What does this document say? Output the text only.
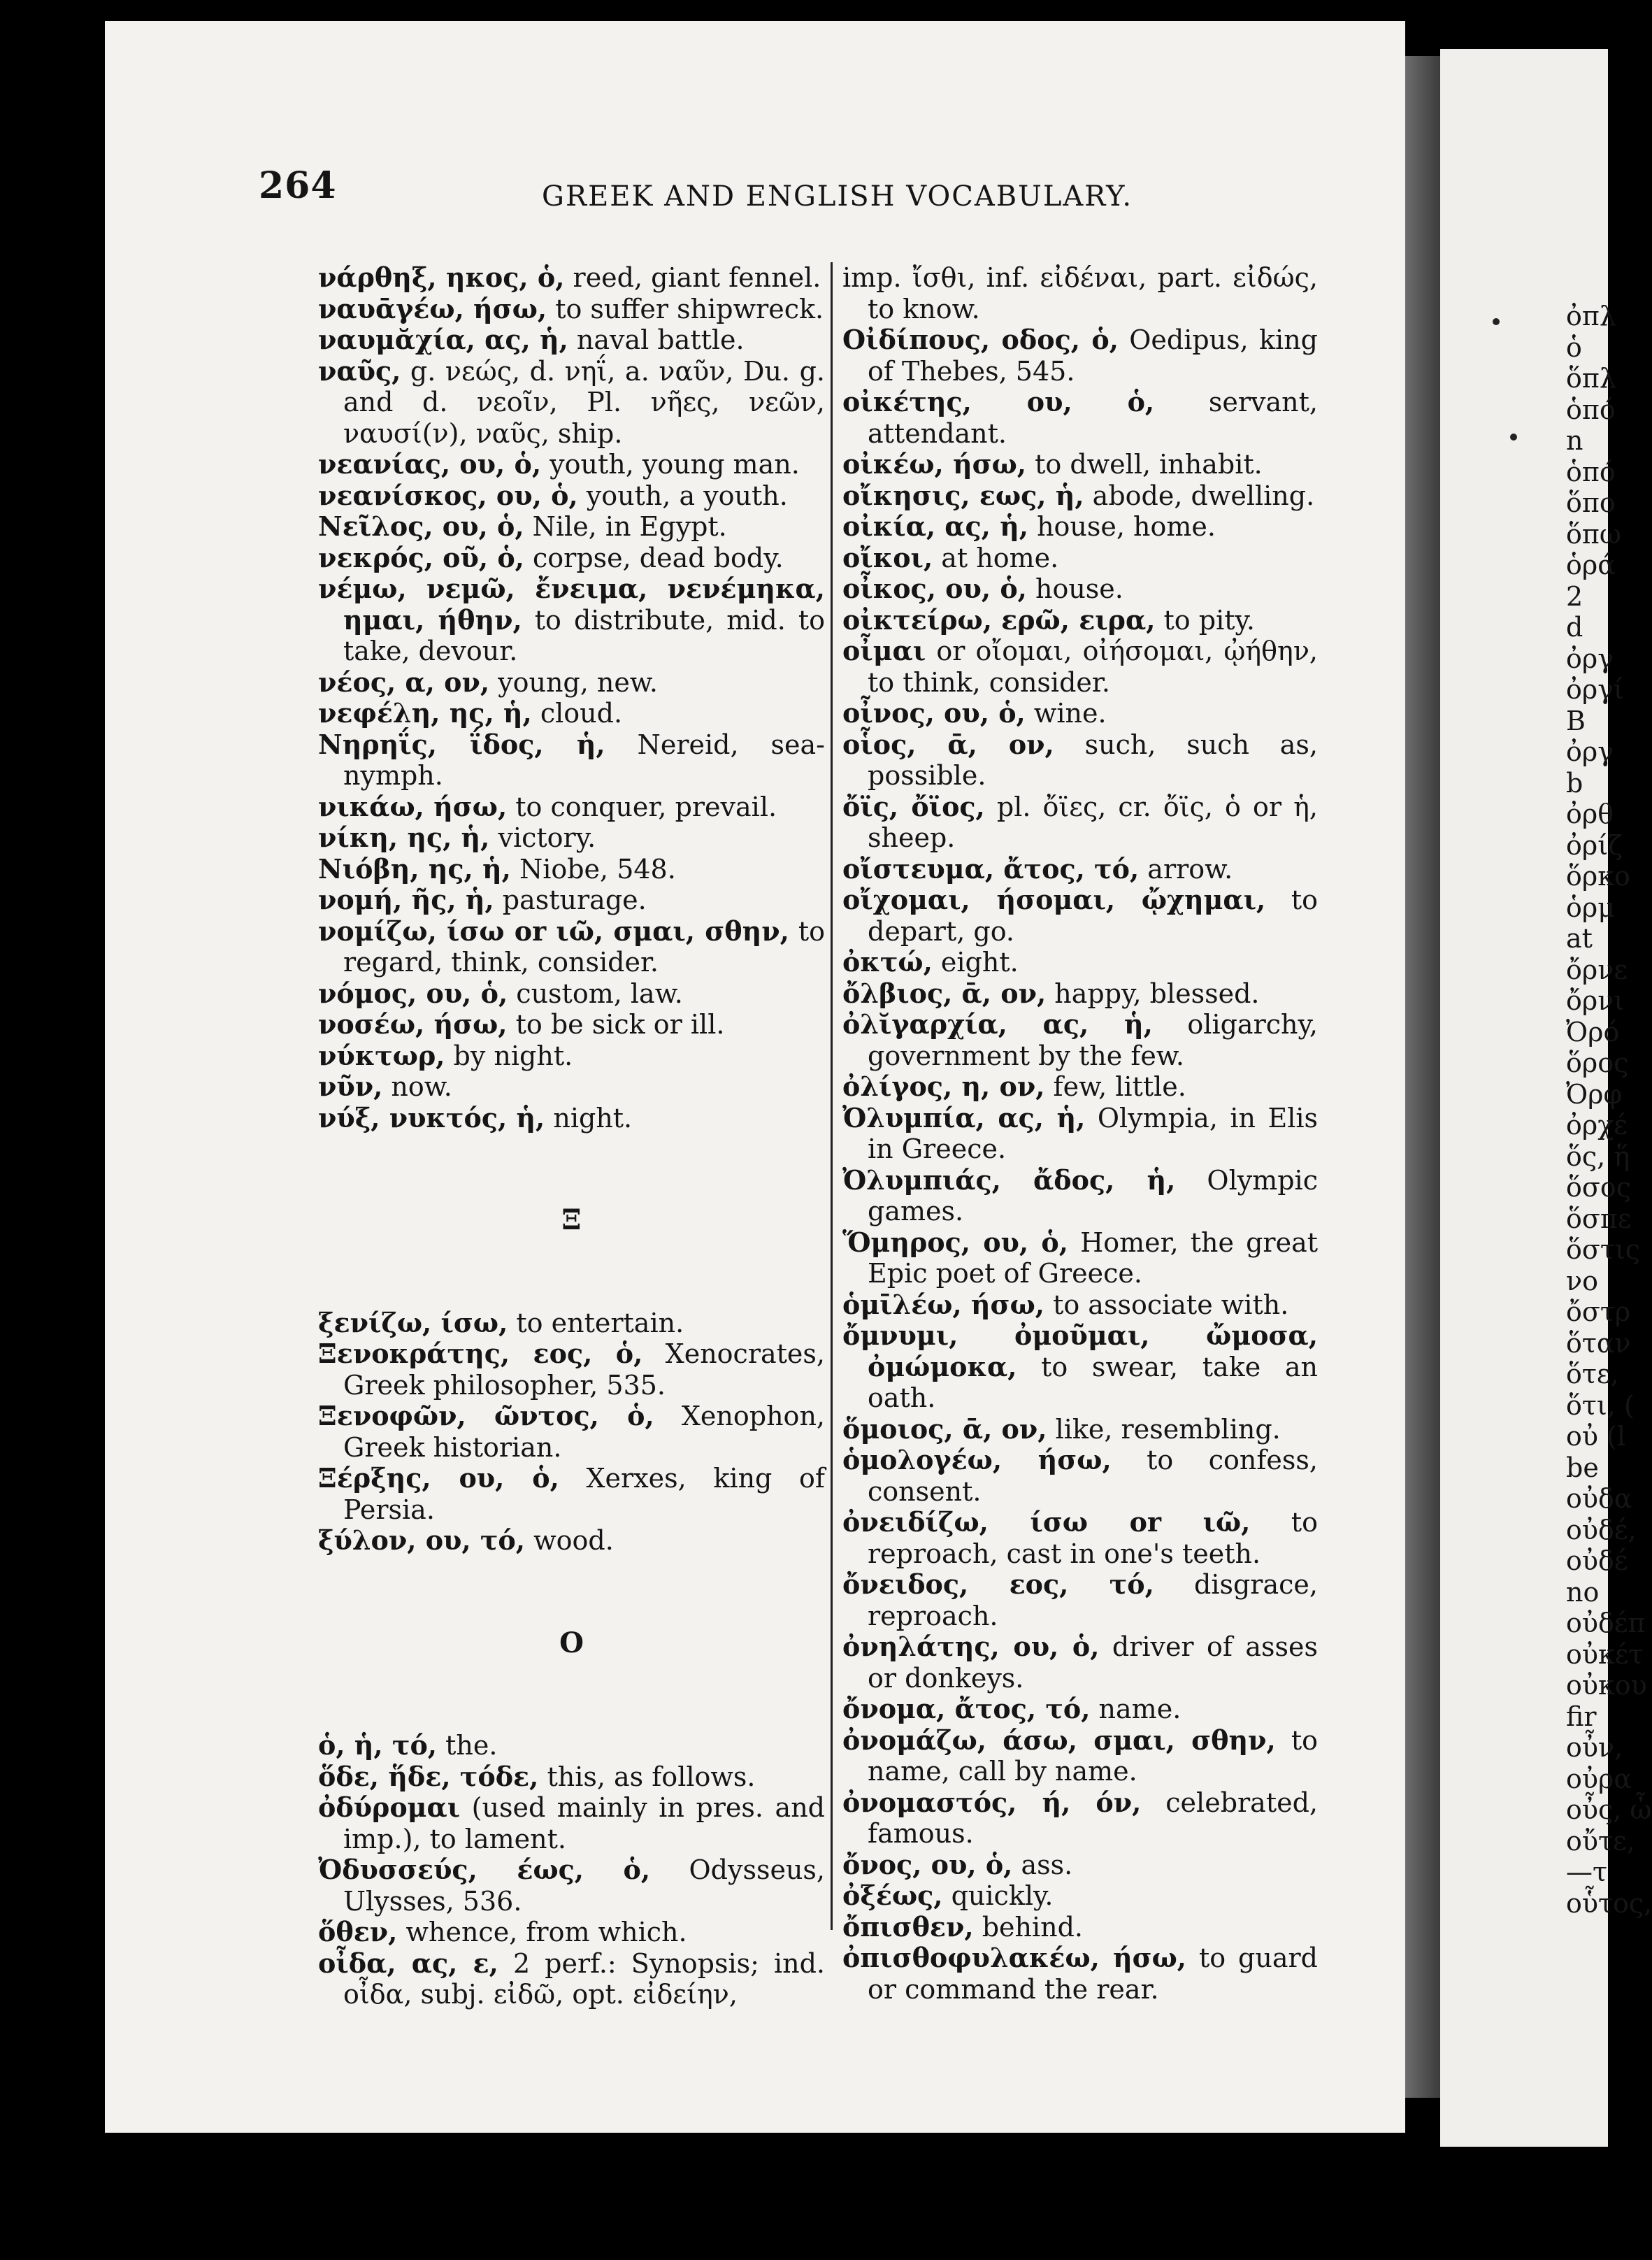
264	GREEK AND ENGLISH VOCABULARY.

νάρθηξ, ηκος, ὁ, reed, giant fennel.

ναυᾱγέω, ήσω, to suffer shipwreck.

ναυμᾰχία, ας, ἡ, naval battle.

ναῦς, g. νεώς, d. νηΐ, a. ναῦν, Du. g. and d. νεοῖν, Pl. νῆες, νεῶν, ναυσί(ν), ναῦς, ship.

νεανίας, ου, ὁ, youth, young man.

νεανίσκος, ου, ὁ, youth, a youth.

Νεῖλος, ου, ὁ, Nile, in Egypt.

νεκρός, οῦ, ὁ, corpse, dead body.

νέμω, νεμῶ, ἔνειμα, νενέμηκα, ημαι, ήθην, to distribute, mid. to take, devour.

νέος, α, ον, young, new.

νεφέλη, ης, ἡ, cloud.

Νηρηΐς, ΐδος, ἡ, Nereid, sea-nymph.

νικάω, ήσω, to conquer, prevail.

νίκη, ης, ἡ, victory.

Νιόβη, ης, ἡ, Niobe, 548.

νομή, ῆς, ἡ, pasturage.

νομίζω, ίσω or ιῶ, σμαι, σθην, to regard, think, consider.

νόμος, ου, ὁ, custom, law.

νοσέω, ήσω, to be sick or ill.

νύκτωρ, by night.

νῦν, now.

νύξ, νυκτός, ἡ, night.

Ξ

ξενίζω, ίσω, to entertain.

Ξενοκράτης, εος, ὁ, Xenocrates, Greek philosopher, 535.

Ξενοφῶν, ῶντος, ὁ, Xenophon, Greek historian.

Ξέρξης, ου, ὁ, Xerxes, king of Persia.

ξύλον, ου, τό, wood.

O

ὁ, ἡ, τό, the.

ὅδε, ἥδε, τόδε, this, as follows.

ὀδύρομαι (used mainly in pres. and imp.), to lament.

Ὀδυσσεύς, έως, ὁ, Odysseus, Ulysses, 536.

ὅθεν, whence, from which.

οἶδα, ας, ε, 2 perf.: Synopsis; ind. οἶδα, subj. εἰδῶ, opt. εἰδείην,

imp. ἴσθι, inf. εἰδέναι, part. εἰδώς, to know.

Οἰδίπους, οδος, ὁ, Oedipus, king of Thebes, 545.

οἰκέτης, ου, ὁ, servant, attendant.

οἰκέω, ήσω, to dwell, inhabit.

οἴκησις, εως, ἡ, abode, dwelling.

οἰκία, ας, ἡ, house, home.

οἴκοι, at home.

οἶκος, ου, ὁ, house.

οἰκτείρω, ερῶ, ειρα, to pity.

οἶμαι or οἴομαι, οἰήσομαι, ᾠήθην, to think, consider.

οἶνος, ου, ὁ, wine.

οἷος, ᾱ, ον, such, such as, possible.

ὄϊς, ὄϊος, pl. ὄϊες, cr. ὄϊς, ὁ or ἡ, sheep.

οἴστευμα, ἄτος, τό, arrow.

οἴχομαι, ήσομαι, ᾤχημαι, to depart, go.

ὀκτώ, eight.

ὄλβιος, ᾱ, ον, happy, blessed.

ὀλῐγαρχία, ας, ἡ, oligarchy, government by the few.

ὀλίγος, η, ον, few, little.

Ὀλυμπία, ας, ἡ, Olympia, in Elis in Greece.

Ὀλυμπιάς, ἄδος, ἡ, Olympic games.

Ὅμηρος, ου, ὁ, Homer, the great Epic poet of Greece.

ὁμῑλέω, ήσω, to associate with.

ὄμνυμι, ὀμοῦμαι, ὤμοσα, ὀμώμοκα, to swear, take an oath.

ὅμοιος, ᾱ, ον, like, resembling.

ὁμολογέω, ήσω, to confess, consent.

ὀνειδίζω, ίσω or ιῶ, to reproach, cast in one's teeth.

ὄνειδος, εος, τό, disgrace, reproach.

ὀνηλάτης, ου, ὁ, driver of asses or donkeys.

ὄνομα, ἄτος, τό, name.

ὀνομάζω, άσω, σμαι, σθην, to name, call by name.

ὀνομαστός, ή, όν, celebrated, famous.

ὄνος, ου, ὁ, ass.

ὀξέως, quickly.

ὄπισθεν, behind.

ὀπισθοφυλακέω, ήσω, to guard or command the rear.

ὀπλ
ὁ
ὅπλ
ὁπό
n
ὁπό
ὅπο
ὅπω
ὁρά
2
d
ὀργ
ὀργί
B
ὀργ
b
ὀρθ
ὀρίζ
ὅρκο
ὁρμ
at
ὄρνε
ὄρνι
Ὀρό
ὅρος
Ὀρφ
ὀρχέ
ὅς, ἥ
ὅσος
ὅσπε
ὅστις
νο
ὄστρ
ὅταν
ὅτε,
ὅτι, (
οὐ (l
be
οὐδα
οὐδέ,
οὐδέ
no
οὐδέπ
οὐκέτ
οὐκου
fir
οὖν,
οὐρα
οὖς, ὦ
οὔτε,
—τ
οὗτος,
